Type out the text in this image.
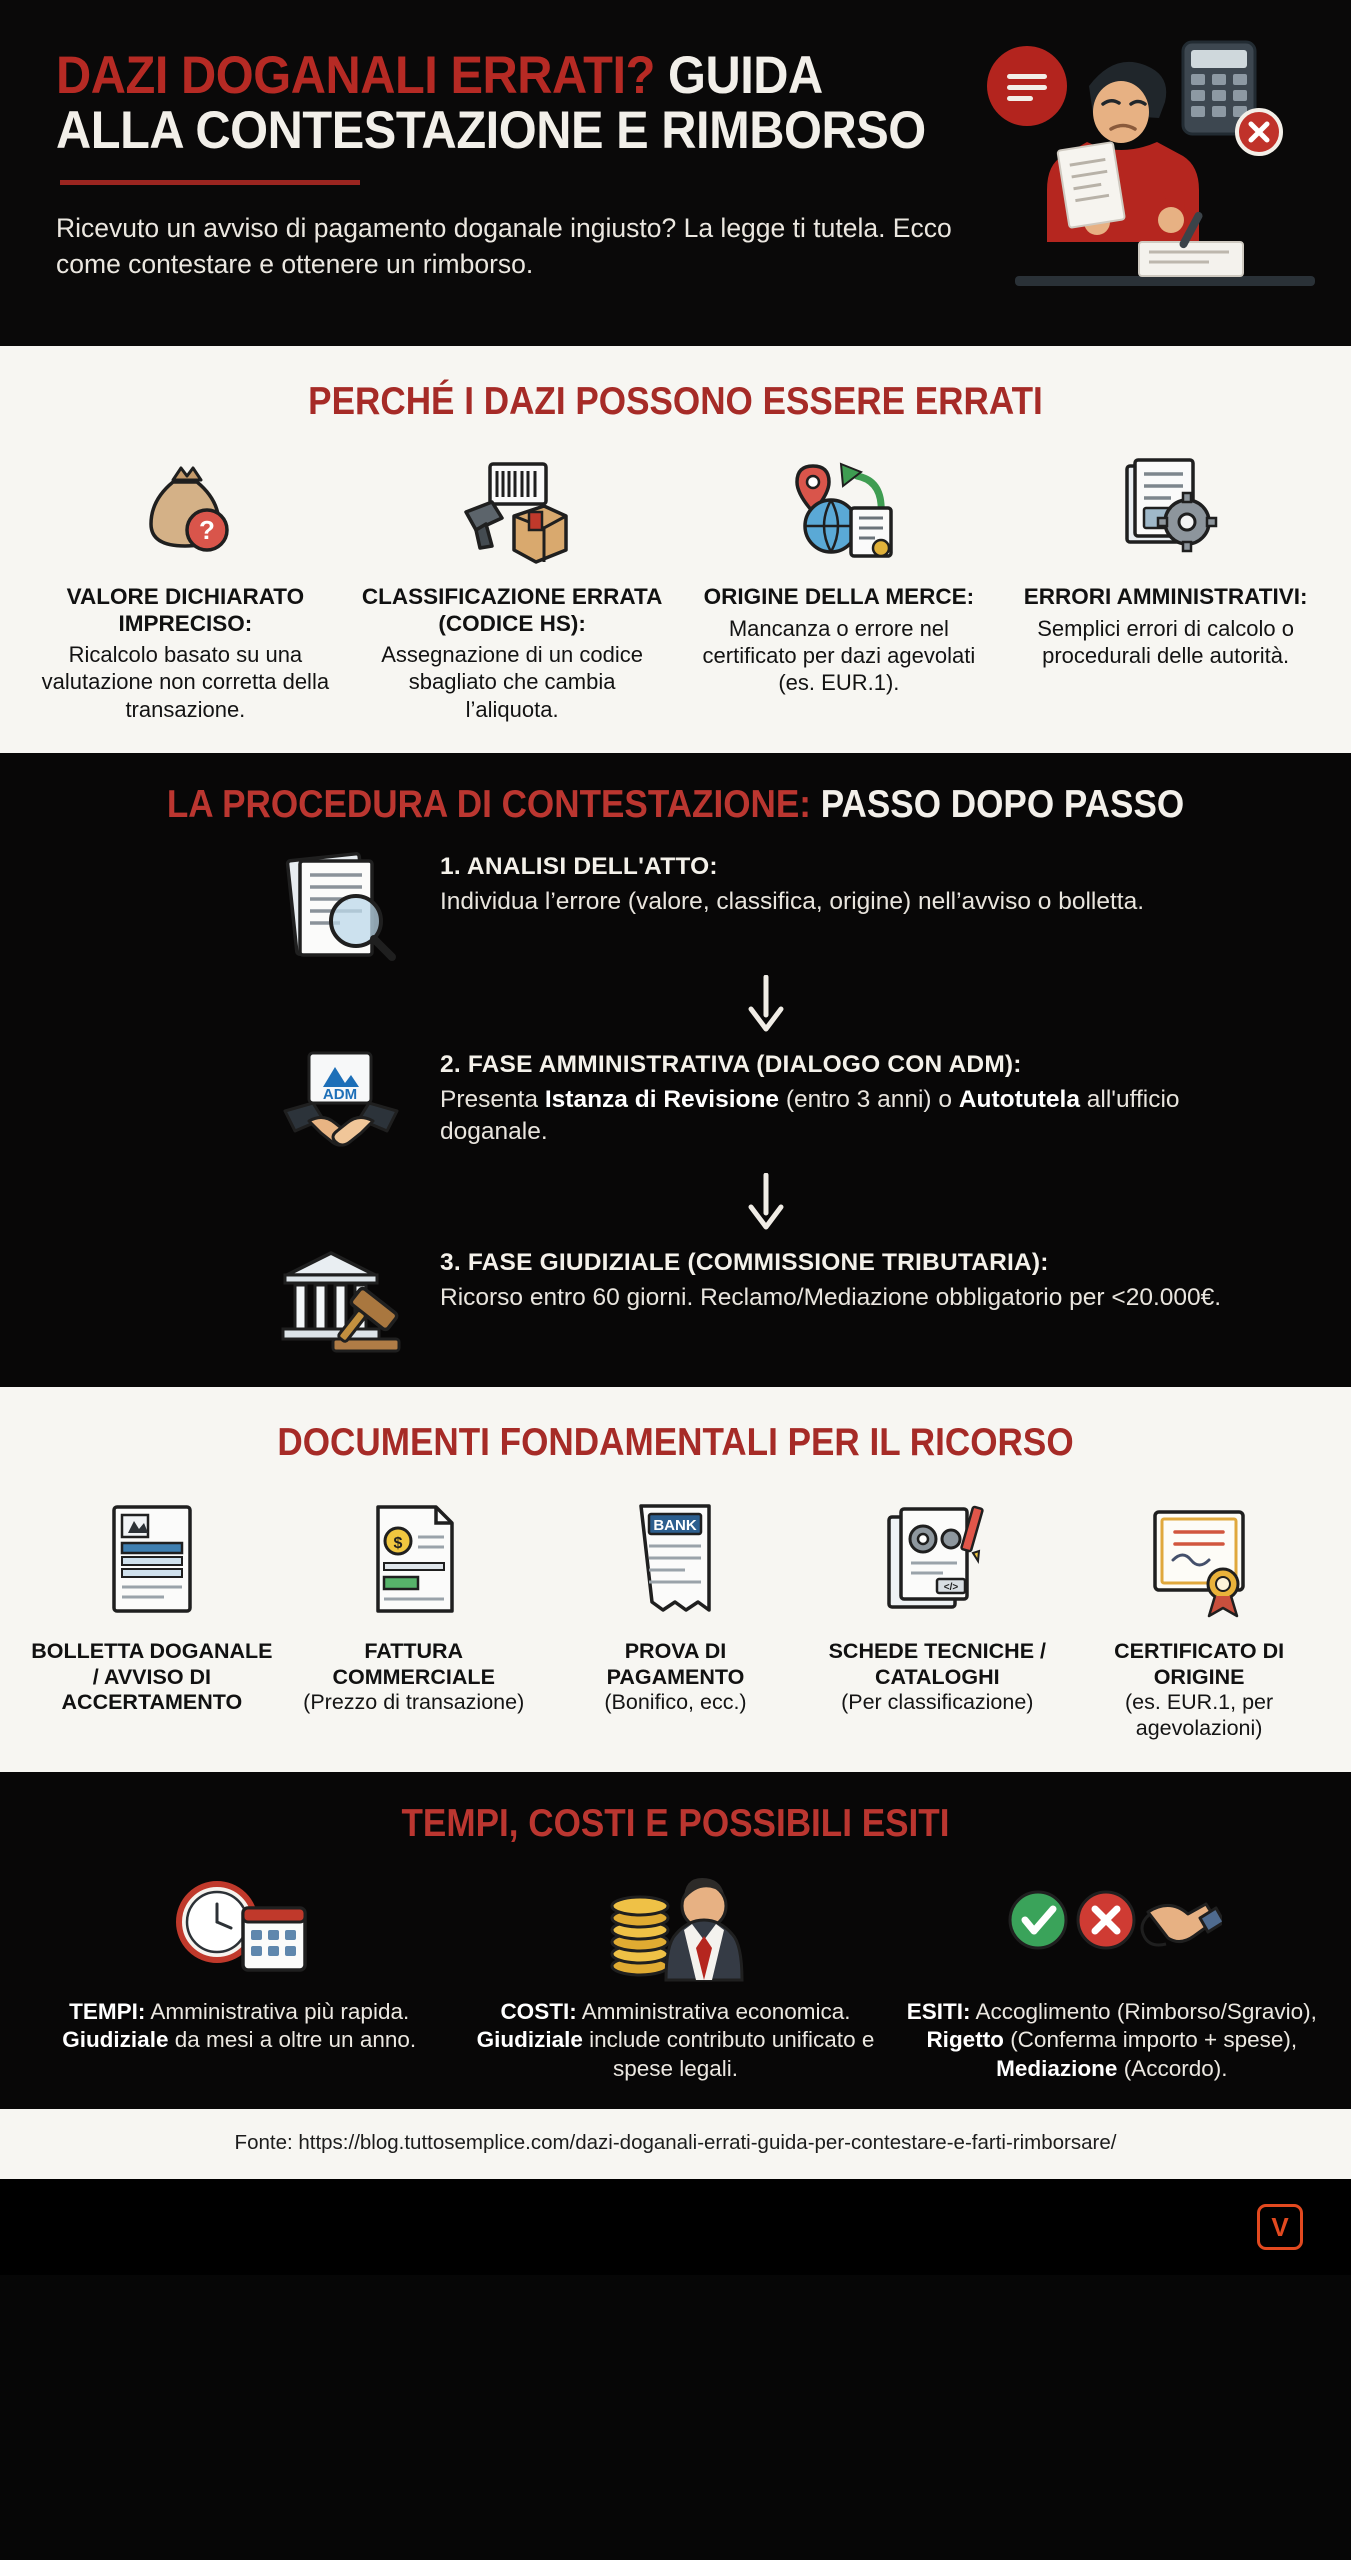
DAZI DOGANALI ERRATI? GUIDA
ALLA CONTESTAZIONE E RIMBORSO
Ricevuto un avviso di pagamento doganale ingiusto? La legge ti tutela. Ecco come contestare e ottenere un rimborso.
PERCHÉ I DAZI POSSONO ESSERE ERRATI
?
VALORE DICHIARATO IMPRECISO:

Ricalcolo basato su una valutazione non corretta della transazione.

CLASSIFICAZIONE ERRATA (CODICE HS):

Assegnazione di un codice sbagliato che cambia l’aliquota.

ORIGINE DELLA MERCE:

Mancanza o errore nel certificato per dazi agevolati (es. EUR.1).

ERRORI AMMINISTRATIVI:

Semplici errori di calcolo o procedurali delle autorità.

LA PROCEDURA DI CONTESTAZIONE: PASSO DOPO PASSO
1. ANALISI DELL'ATTO:

Individua l’errore (valore, classifica, origine) nell’avviso o bolletta.

ADM
2. FASE AMMINISTRATIVA (DIALOGO CON ADM):

Presenta Istanza di Revisione (entro 3 anni) o Autotutela all'ufficio doganale.

3. FASE GIUDIZIALE (COMMISSIONE TRIBUTARIA):

Ricorso entro 60 giorni. Reclamo/Mediazione obbligatorio per <20.000€.

DOCUMENTI FONDAMENTALI PER IL RICORSO
BOLLETTA DOGANALE / AVVISO DI ACCERTAMENTO

$
FATTURA COMMERCIALE

(Prezzo di transazione)

BANK
PROVA DI PAGAMENTO

(Bonifico, ecc.)

</>
SCHEDE TECNICHE / CATALOGHI

(Per classificazione)

CERTIFICATO DI ORIGINE

(es. EUR.1, per agevolazioni)

TEMPI, COSTI E POSSIBILI ESITI

TEMPI: Amministrativa più rapida. Giudiziale da mesi a oltre un anno.

COSTI: Amministrativa economica. Giudiziale include contributo unificato e spese legali.

ESITI: Accoglimento (Rimborso/Sgravio), Rigetto (Conferma importo + spese), Mediazione (Accordo).

Fonte: https://blog.tuttosemplice.com/dazi-doganali-errati-guida-per-contestare-e-farti-rimborsare/
V
